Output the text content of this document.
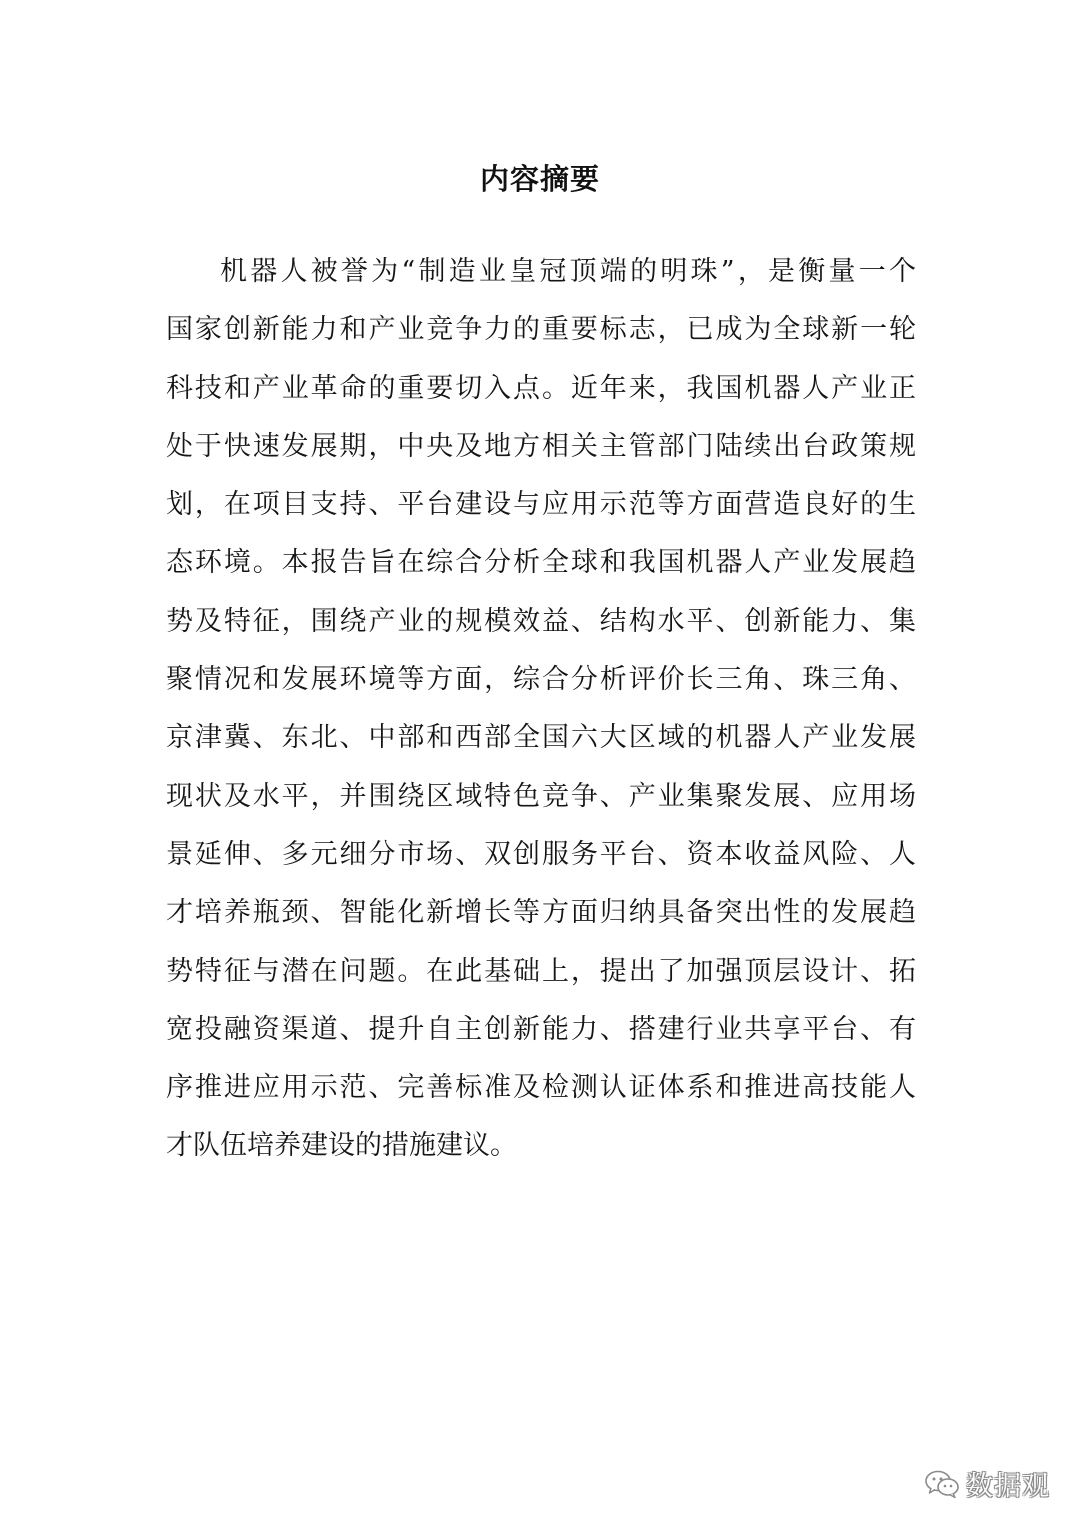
内容摘要
机器人被誉为“制造业皇冠顶端的明珠”，是衡量一个
国家创新能力和产业竞争力的重要标志，已成为全球新一轮
科技和产业革命的重要切入点。近年来，我国机器人产业正
处于快速发展期，中央及地方相关主管部门陆续出台政策规
划，在项目支持、平台建设与应用示范等方面营造良好的生
态环境。本报告旨在综合分析全球和我国机器人产业发展趋
势及特征，围绕产业的规模效益、结构水平、创新能力、集
聚情况和发展环境等方面，综合分析评价长三角、珠三角、
京津冀、东北、中部和西部全国六大区域的机器人产业发展
现状及水平，并围绕区域特色竞争、产业集聚发展、应用场
景延伸、多元细分市场、双创服务平台、资本收益风险、人
才培养瓶颈、智能化新增长等方面归纳具备突出性的发展趋
势特征与潜在问题。在此基础上，提出了加强顶层设计、拓
宽投融资渠道、提升自主创新能力、搭建行业共享平台、有
序推进应用示范、完善标准及检测认证体系和推进高技能人
才队伍培养建设的措施建议。
数据观
